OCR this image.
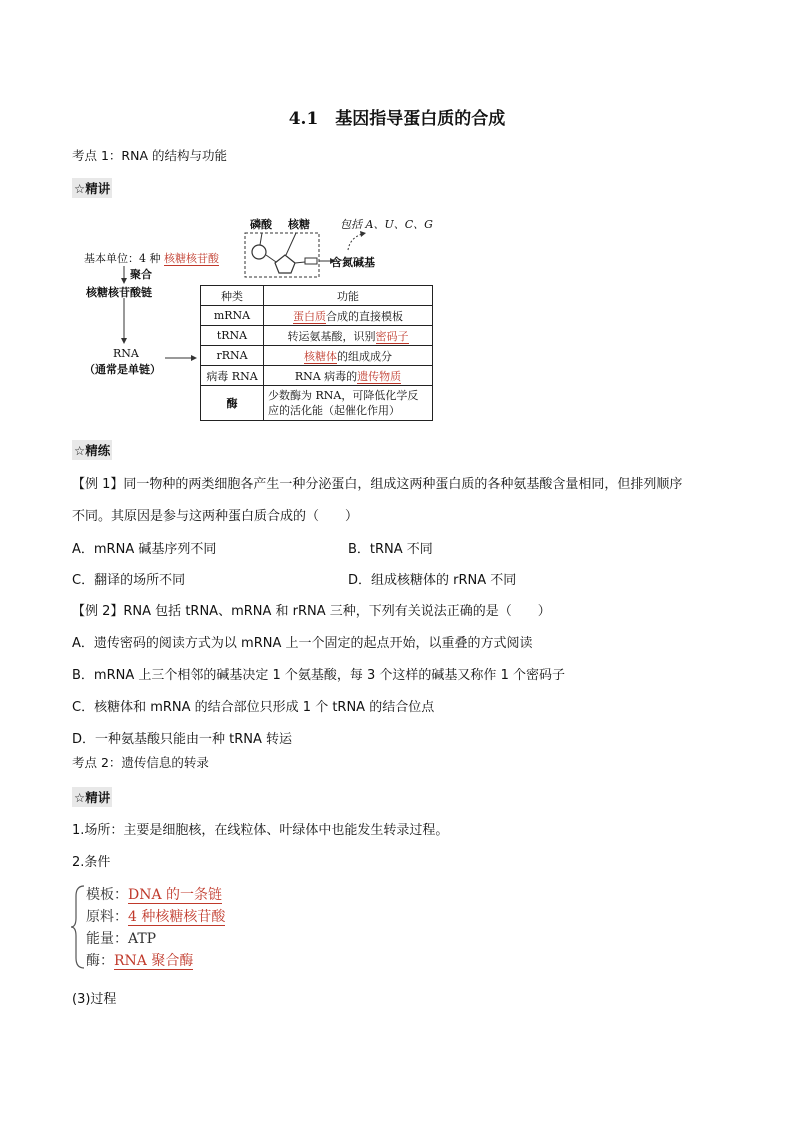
4.1　基因指导蛋白质的合成
考点 1：RNA 的结构与功能
☆精讲
磷酸 核糖	包括 A、U、C、G
基本单位：4 种 核糖核苷酸	含氮碱基
聚合
核糖核苷酸链
RNA
（通常是单链）
种类	功能
mRNA	蛋白质合成的直接模板
tRNA	转运氨基酸，识别密码子
rRNA	核糖体的组成成分
病毒 RNA	RNA 病毒的遗传物质
酶	少数酶为 RNA，可降低化学反
应的活化能（起催化作用）
☆精练
【例 1】同一物种的两类细胞各产生一种分泌蛋白，组成这两种蛋白质的各种氨基酸含量相同，但排列顺序
不同。其原因是参与这两种蛋白质合成的（　　）
A．mRNA 碱基序列不同	B．tRNA 不同
C．翻译的场所不同	D．组成核糖体的 rRNA 不同
【例 2】RNA 包括 tRNA、mRNA 和 rRNA 三种，下列有关说法正确的是（　　）
A．遗传密码的阅读方式为以 mRNA 上一个固定的起点开始，以重叠的方式阅读
B．mRNA 上三个相邻的碱基决定 1 个氨基酸，每 3 个这样的碱基又称作 1 个密码子
C．核糖体和 mRNA 的结合部位只形成 1 个 tRNA 的结合位点
D．一种氨基酸只能由一种 tRNA 转运
考点 2：遗传信息的转录
☆精讲
1.场所：主要是细胞核，在线粒体、叶绿体中也能发生转录过程。
2.条件
模板：DNA 的一条链
原料：4 种核糖核苷酸
能量：ATP
酶：RNA 聚合酶
(3)过程
